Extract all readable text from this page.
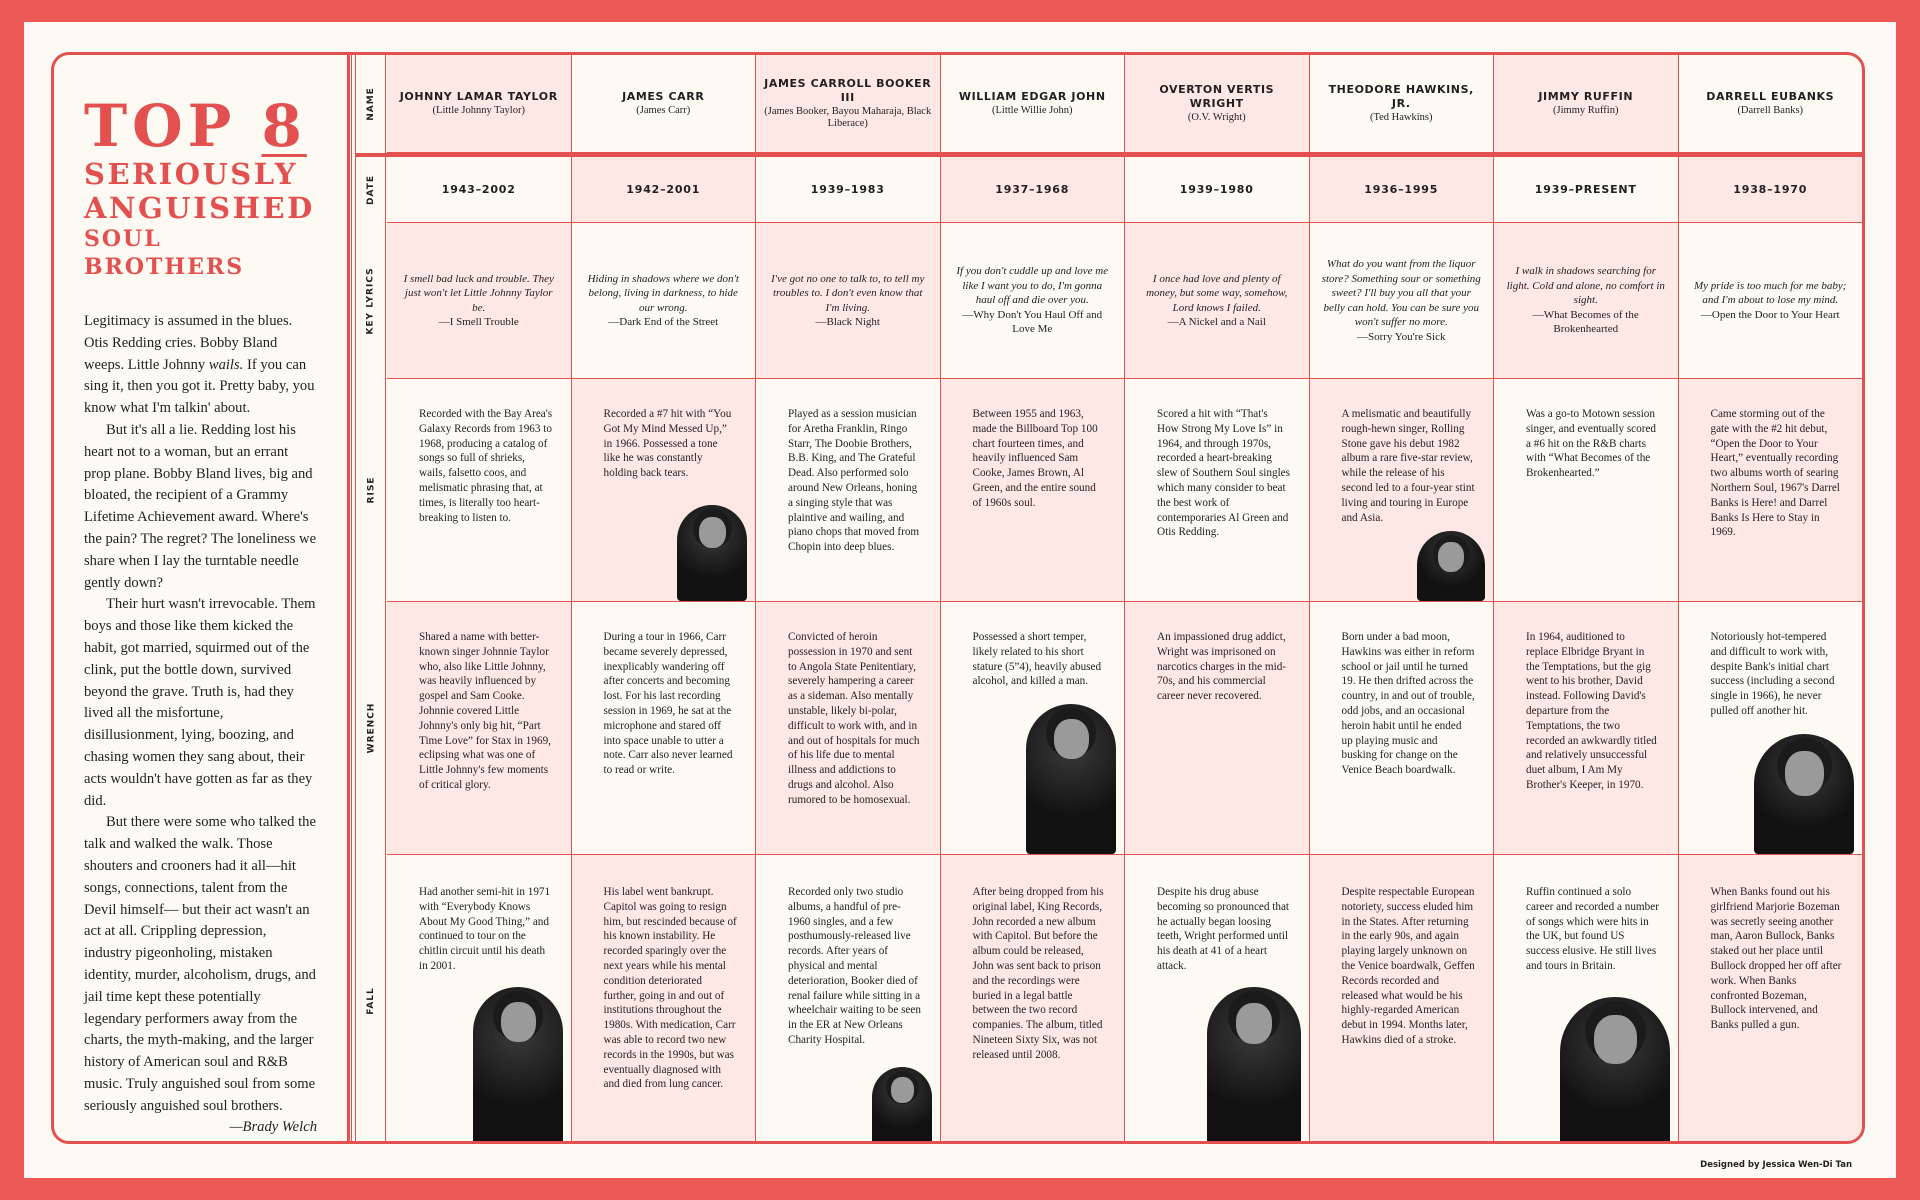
TOP 8
SERIOUSLY
ANGUISHED
SOUL BROTHERS

Legitimacy is assumed in the blues. Otis Redding cries. Bobby Bland weeps. Little Johnny wails. If you can sing it, then you got it. Pretty baby, you know what I'm talkin' about.

But it's all a lie. Redding lost his heart not to a woman, but an errant prop plane. Bobby Bland lives, big and bloated, the recipient of a Grammy Lifetime Achievement award. Where's the pain? The regret? The loneliness we share when I lay the turntable needle gently down?

Their hurt wasn't irrevocable. Them boys and those like them kicked the habit, got married, squirmed out of the clink, put the bottle down, survived beyond the grave. Truth is, had they lived all the misfortune, disillusionment, lying, boozing, and chasing women they sang about, their acts wouldn't have gotten as far as they did.

But there were some who talked the talk and walked the walk. Those shouters and crooners had it all—hit songs, connections, talent from the Devil himself— but their act wasn't an act at all. Crippling depression, industry pigeonholing, mistaken identity, murder, alcoholism, drugs, and jail time kept these potentially legendary performers away from the charts, the myth-making, and the larger history of American soul and R&B music. Truly anguished soul from some seriously anguished soul brothers.
—Brady Welch

NAME
DATE
KEY LYRICS
RISE
WRENCH
FALL
JOHNNY LAMAR TAYLOR
(Little Johnny Taylor)
1943–2002
I smell bad luck and trouble. They just won't let Little Johnny Taylor be.
—I Smell Trouble
Recorded with the Bay Area's Galaxy Records from 1963 to 1968, producing a catalog of songs so full of shrieks, wails, falsetto coos, and melismatic phrasing that, at times, is literally too heart-breaking to listen to.
Shared a name with better-known singer Johnnie Taylor who, also like Little Johnny, was heavily influenced by gospel and Sam Cooke. Johnnie covered Little Johnny's only big hit, “Part Time Love” for Stax in 1969, eclipsing what was one of Little Johnny's few moments of critical glory.
Had another semi-hit in 1971 with “Everybody Knows About My Good Thing,” and continued to tour on the chitlin circuit until his death in 2001.
JAMES CARR
(James Carr)
1942–2001
Hiding in shadows where we don't belong, living in darkness, to hide our wrong.
—Dark End of the Street
Recorded a #7 hit with “You Got My Mind Messed Up,” in 1966. Possessed a tone like he was constantly holding back tears.
During a tour in 1966, Carr became severely depressed, inexplicably wandering off after concerts and becoming lost. For his last recording session in 1969, he sat at the microphone and stared off into space unable to utter a note. Carr also never learned to read or write.
His label went bankrupt. Capitol was going to resign him, but rescinded because of his known instability. He recorded sparingly over the next years while his mental condition deteriorated further, going in and out of institutions throughout the 1980s. With medication, Carr was able to record two new records in the 1990s, but was eventually diagnosed with and died from lung cancer.
JAMES CARROLL BOOKER III
(James Booker, Bayou Maharaja, Black Liberace)
1939–1983
I've got no one to talk to, to tell my troubles to. I don't even know that I'm living.
—Black Night
Played as a session musician for Aretha Franklin, Ringo Starr, The Doobie Brothers, B.B. King, and The Grateful Dead. Also performed solo around New Orleans, honing a singing style that was plaintive and wailing, and piano chops that moved from Chopin into deep blues.
Convicted of heroin possession in 1970 and sent to Angola State Penitentiary, severely hampering a career as a sideman. Also mentally unstable, likely bi-polar, difficult to work with, and in and out of hospitals for much of his life due to mental illness and addictions to drugs and alcohol. Also rumored to be homosexual.
Recorded only two studio albums, a handful of pre-1960 singles, and a few posthumously-released live records. After years of physical and mental deterioration, Booker died of renal failure while sitting in a wheelchair waiting to be seen in the ER at New Orleans Charity Hospital.
WILLIAM EDGAR JOHN
(Little Willie John)
1937–1968
If you don't cuddle up and love me like I want you to do, I'm gonna haul off and die over you.
—Why Don't You Haul Off and Love Me
Between 1955 and 1963, made the Billboard Top 100 chart fourteen times, and heavily influenced Sam Cooke, James Brown, Al Green, and the entire sound of 1960s soul.
Possessed a short temper, likely related to his short stature (5”4), heavily abused alcohol, and killed a man.
After being dropped from his original label, King Records, John recorded a new album with Capitol. But before the album could be released, John was sent back to prison and the recordings were buried in a legal battle between the two record companies. The album, titled Nineteen Sixty Six, was not released until 2008.
OVERTON VERTIS WRIGHT
(O.V. Wright)
1939–1980
I once had love and plenty of money, but some way, somehow, Lord knows I failed.
—A Nickel and a Nail
Scored a hit with “That's How Strong My Love Is” in 1964, and through 1970s, recorded a heart-breaking slew of Southern Soul singles which many consider to beat the best work of contemporaries Al Green and Otis Redding.
An impassioned drug addict, Wright was imprisoned on narcotics charges in the mid-70s, and his commercial career never recovered.
Despite his drug abuse becoming so pronounced that he actually began loosing teeth, Wright performed until his death at 41 of a heart attack.
THEODORE HAWKINS, JR.
(Ted Hawkins)
1936–1995
What do you want from the liquor store? Something sour or something sweet? I'll buy you all that your belly can hold. You can be sure you won't suffer no more.
—Sorry You're Sick
A melismatic and beautifully rough-hewn singer, Rolling Stone gave his debut 1982 album a rare five-star review, while the release of his second led to a four-year stint living and touring in Europe and Asia.
Born under a bad moon, Hawkins was either in reform school or jail until he turned 19. He then drifted across the country, in and out of trouble, odd jobs, and an occasional heroin habit until he ended up playing music and busking for change on the Venice Beach boardwalk.
Despite respectable European notoriety, success eluded him in the States. After returning in the early 90s, and again playing largely unknown on the Venice boardwalk, Geffen Records recorded and released what would be his highly-regarded American debut in 1994. Months later, Hawkins died of a stroke.
JIMMY RUFFIN
(Jimmy Ruffin)
1939–PRESENT
I walk in shadows searching for light. Cold and alone, no comfort in sight.
—What Becomes of the Brokenhearted
Was a go-to Motown session singer, and eventually scored a #6 hit on the R&B charts with “What Becomes of the Brokenhearted.”
In 1964, auditioned to replace Elbridge Bryant in the Temptations, but the gig went to his brother, David instead. Following David's departure from the Temptations, the two recorded an awkwardly titled and relatively unsuccessful duet album, I Am My Brother's Keeper, in 1970.
Ruffin continued a solo career and recorded a number of songs which were hits in the UK, but found US success elusive. He still lives and tours in Britain.
DARRELL EUBANKS
(Darrell Banks)
1938–1970
My pride is too much for me baby; and I'm about to lose my mind.
—Open the Door to Your Heart
Came storming out of the gate with the #2 hit debut, “Open the Door to Your Heart,” eventually recording two albums worth of searing Northern Soul, 1967's Darrel Banks is Here! and Darrel Banks Is Here to Stay in 1969.
Notoriously hot-tempered and difficult to work with, despite Bank's initial chart success (including a second single in 1966), he never pulled off another hit.
When Banks found out his girlfriend Marjorie Bozeman was secretly seeing another man, Aaron Bullock, Banks staked out her place until Bullock dropped her off after work. When Banks confronted Bozeman, Bullock intervened, and Banks pulled a gun.
Designed by Jessica Wen-Di Tan
